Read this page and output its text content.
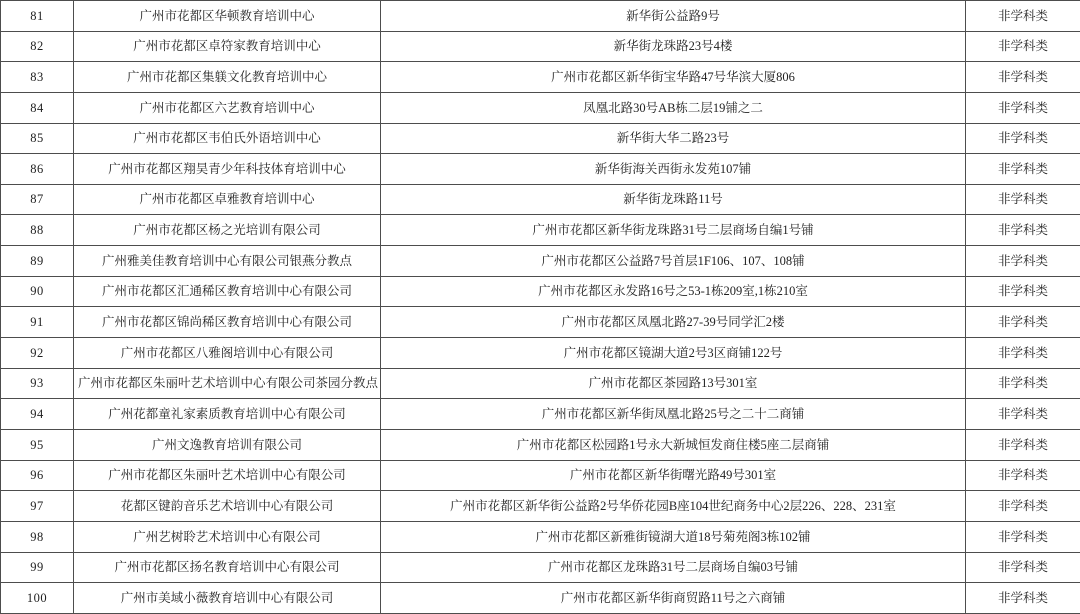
81	广州市花都区华顿教育培训中心	新华街公益路9号	非学科类
82	广州市花都区卓符家教育培训中心	新华街龙珠路23号4楼	非学科类
83	广州市花都区集躾文化教育培训中心	广州市花都区新华街宝华路47号华滨大厦806	非学科类
84	广州市花都区六艺教育培训中心	凤凰北路30号AB栋二层19铺之二	非学科类
85	广州市花都区韦伯氏外语培训中心	新华街大华二路23号	非学科类
86	广州市花都区翔昊青少年科技体育培训中心	新华街海关西街永发苑107铺	非学科类
87	广州市花都区卓雅教育培训中心	新华街龙珠路11号	非学科类
88	广州市花都区杨之光培训有限公司	广州市花都区新华街龙珠路31号二层商场自编1号铺	非学科类
89	广州雅美佳教育培训中心有限公司银燕分教点	广州市花都区公益路7号首层1F106、107、108铺	非学科类
90	广州市花都区汇通稀区教育培训中心有限公司	广州市花都区永发路16号之53-1栋209室,1栋210室	非学科类
91	广州市花都区锦尚稀区教育培训中心有限公司	广州市花都区凤凰北路27-39号同学汇2楼	非学科类
92	广州市花都区八雅阁培训中心有限公司	广州市花都区镜湖大道2号3区商铺122号	非学科类
93	广州市花都区朱丽叶艺术培训中心有限公司茶园分教点	广州市花都区茶园路13号301室	非学科类
94	广州花都童礼家素质教育培训中心有限公司	广州市花都区新华街凤凰北路25号之二十二商铺	非学科类
95	广州文逸教育培训有限公司	广州市花都区松园路1号永大新城恒发商住楼5座二层商铺	非学科类
96	广州市花都区朱丽叶艺术培训中心有限公司	广州市花都区新华街曙光路49号301室	非学科类
97	花都区键韵音乐艺术培训中心有限公司	广州市花都区新华街公益路2号华侨花园B座104世纪商务中心2层226、228、231室	非学科类
98	广州艺树聆艺术培训中心有限公司	广州市花都区新雅街镜湖大道18号菊苑阁3栋102铺	非学科类
99	广州市花都区扬名教育培训中心有限公司	广州市花都区龙珠路31号二层商场自编03号铺	非学科类
100	广州市美域小薇教育培训中心有限公司	广州市花都区新华街商贸路11号之六商铺	非学科类
